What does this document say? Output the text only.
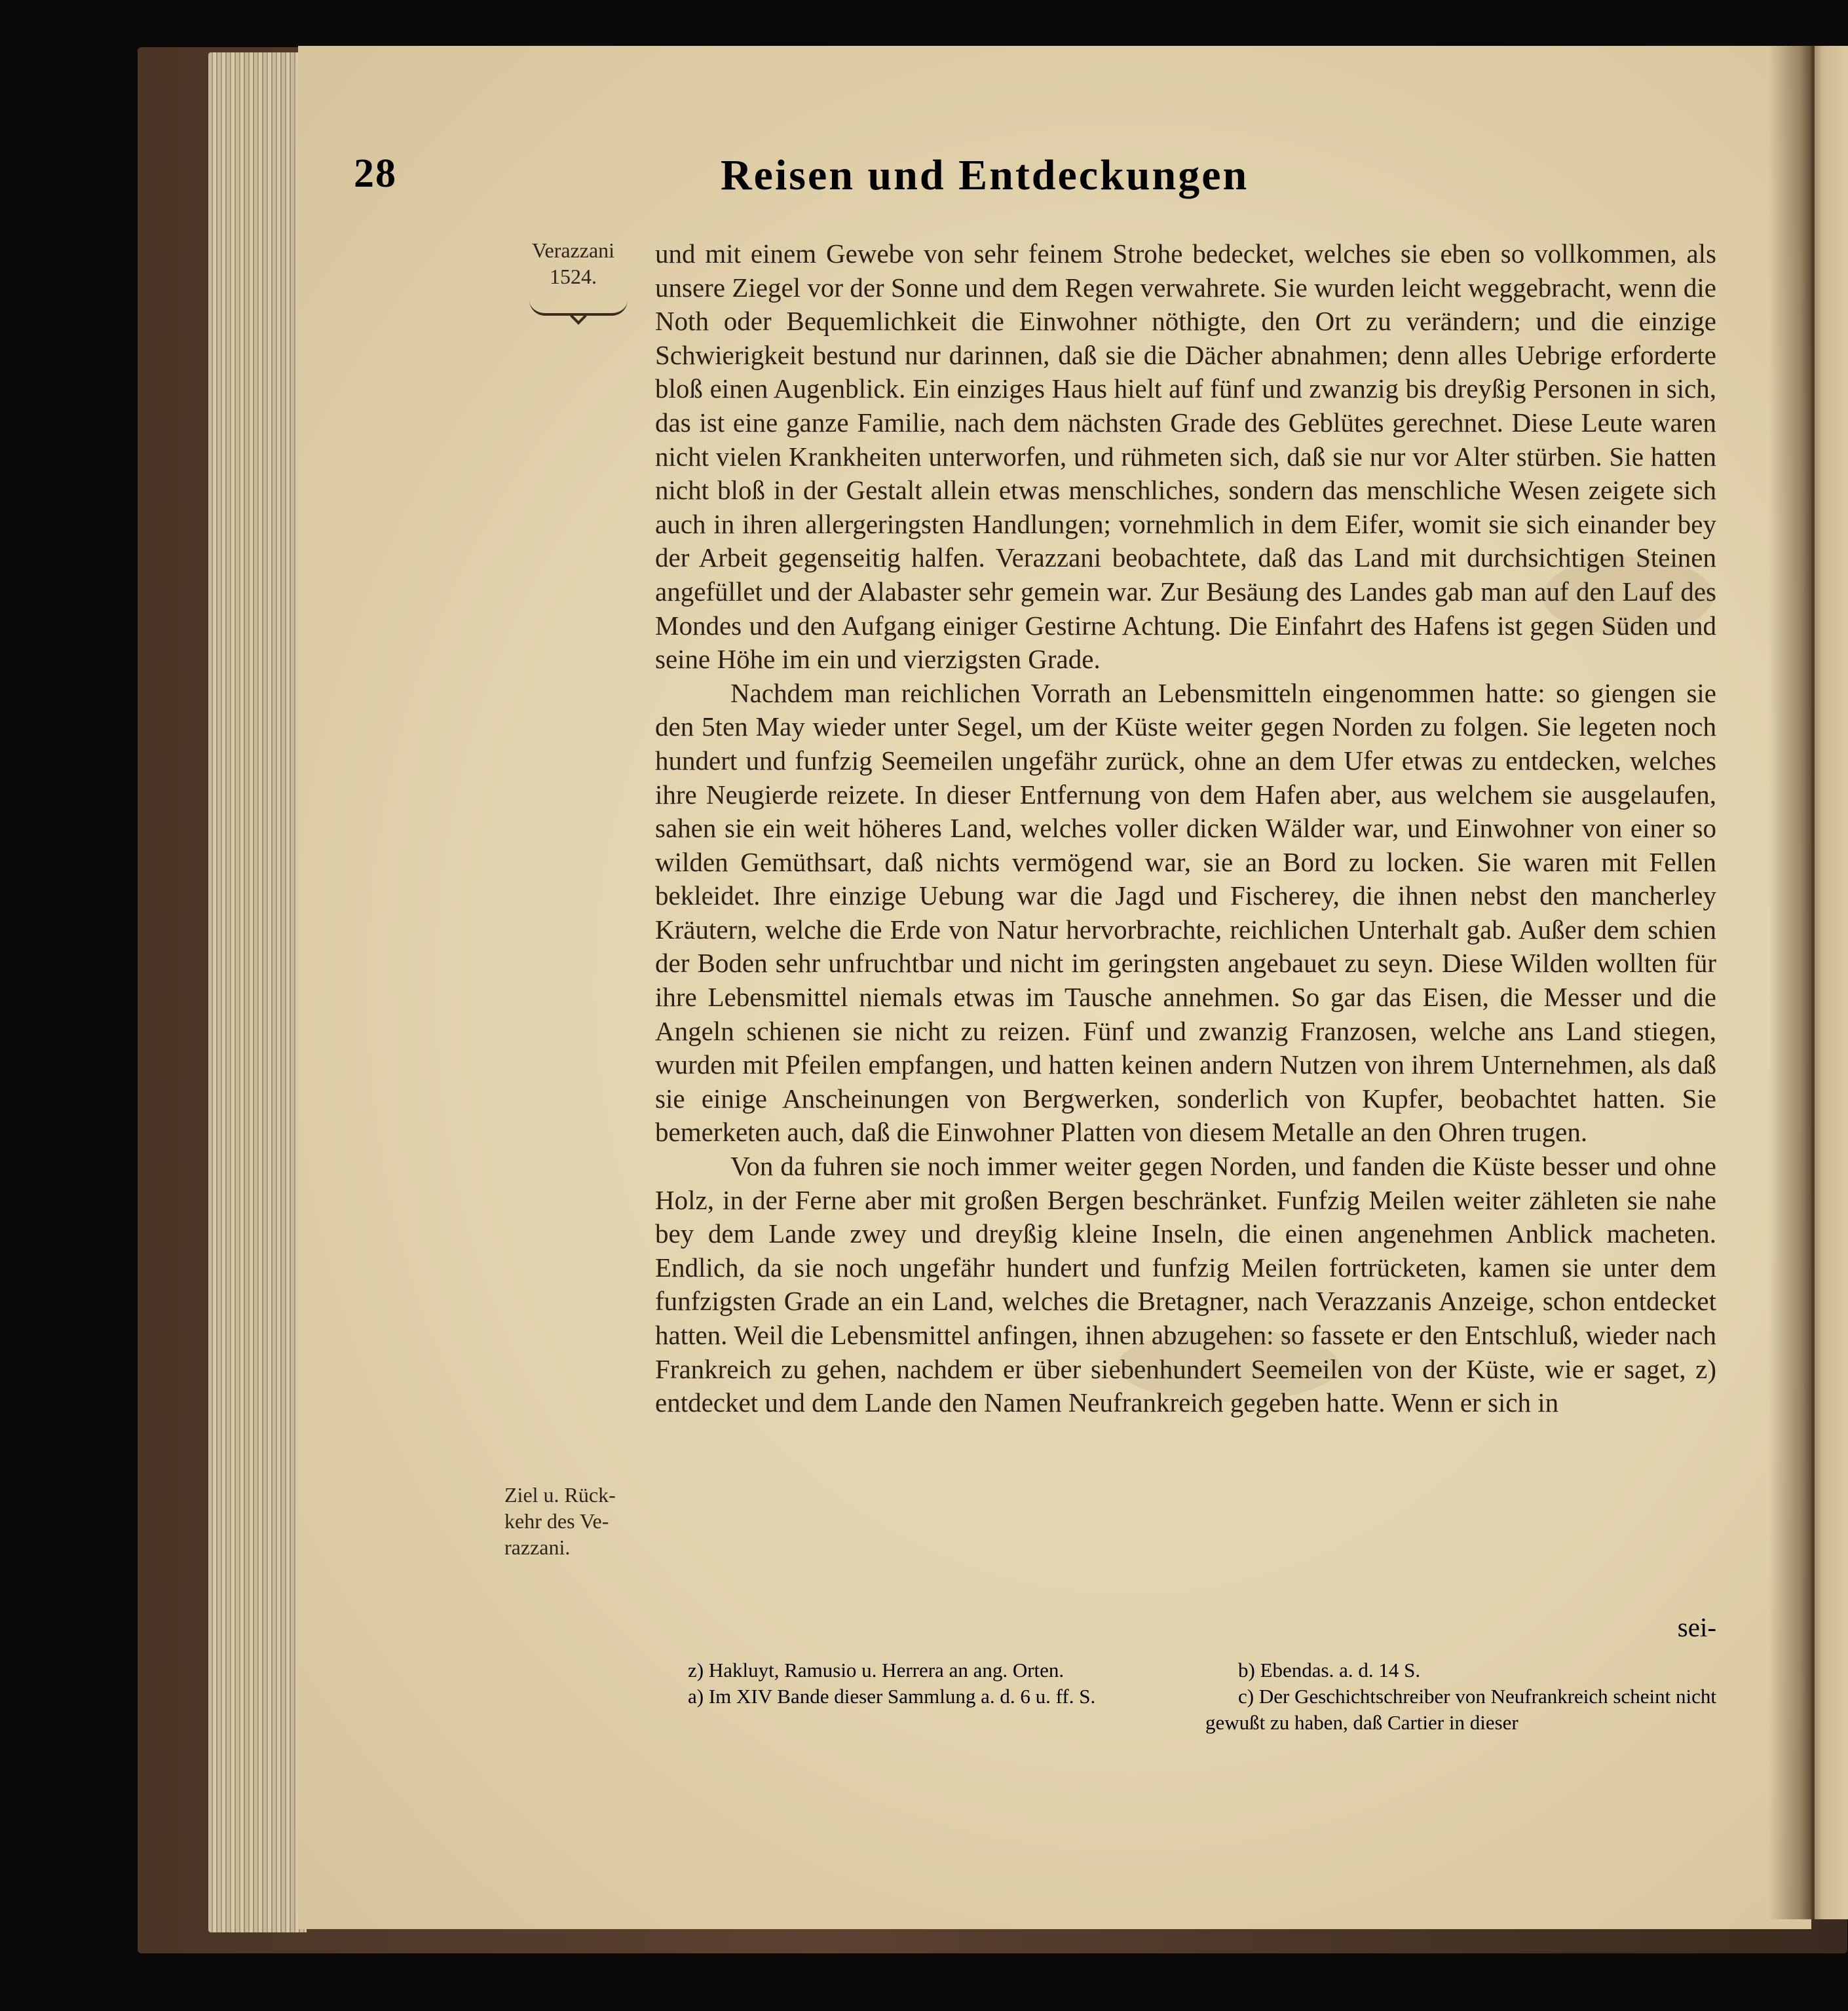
28	Reisen und Entdeckungen
Verazzani
1524.
Ziel u. Rück-
kehr des Ve-
razzani.

und mit einem Gewebe von sehr feinem Strohe bedecket, welches sie eben so vollkommen, als unsere Ziegel vor der Sonne und dem Regen verwahrete. Sie wurden leicht weggebracht, wenn die Noth oder Bequemlichkeit die Einwohner nöthigte, den Ort zu verändern; und die einzige Schwierigkeit bestund nur darinnen, daß sie die Dächer abnahmen; denn alles Uebrige erforderte bloß einen Augenblick. Ein einziges Haus hielt auf fünf und zwanzig bis dreyßig Personen in sich, das ist eine ganze Familie, nach dem nächsten Grade des Geblütes gerechnet. Diese Leute waren nicht vielen Krankheiten unterworfen, und rühmeten sich, daß sie nur vor Alter stürben. Sie hatten nicht bloß in der Gestalt allein etwas menschliches, sondern das menschliche Wesen zeigete sich auch in ihren allergeringsten Handlungen; vornehmlich in dem Eifer, womit sie sich einander bey der Arbeit gegenseitig halfen. Verazzani beobachtete, daß das Land mit durchsichtigen Steinen angefüllet und der Alabaster sehr gemein war. Zur Besäung des Landes gab man auf den Lauf des Mondes und den Aufgang einiger Gestirne Achtung. Die Einfahrt des Hafens ist gegen Süden und seine Höhe im ein und vierzigsten Grade.

Nachdem man reichlichen Vorrath an Lebensmitteln eingenommen hatte: so giengen sie den 5ten May wieder unter Segel, um der Küste weiter gegen Norden zu folgen. Sie legeten noch hundert und funfzig Seemeilen ungefähr zurück, ohne an dem Ufer etwas zu entdecken, welches ihre Neugierde reizete. In dieser Entfernung von dem Hafen aber, aus welchem sie ausgelaufen, sahen sie ein weit höheres Land, welches voller dicken Wälder war, und Einwohner von einer so wilden Gemüthsart, daß nichts vermögend war, sie an Bord zu locken. Sie waren mit Fellen bekleidet. Ihre einzige Uebung war die Jagd und Fischerey, die ihnen nebst den mancherley Kräutern, welche die Erde von Natur hervorbrachte, reichlichen Unterhalt gab. Außer dem schien der Boden sehr unfruchtbar und nicht im geringsten angebauet zu seyn. Diese Wilden wollten für ihre Lebensmittel niemals etwas im Tausche annehmen. So gar das Eisen, die Messer und die Angeln schienen sie nicht zu reizen. Fünf und zwanzig Franzosen, welche ans Land stiegen, wurden mit Pfeilen empfangen, und hatten keinen andern Nutzen von ihrem Unternehmen, als daß sie einige Anscheinungen von Bergwerken, sonderlich von Kupfer, beobachtet hatten. Sie bemerketen auch, daß die Einwohner Platten von diesem Metalle an den Ohren trugen.

Von da fuhren sie noch immer weiter gegen Norden, und fanden die Küste besser und ohne Holz, in der Ferne aber mit großen Bergen beschränket. Funfzig Meilen weiter zähleten sie nahe bey dem Lande zwey und dreyßig kleine Inseln, die einen angenehmen Anblick macheten. Endlich, da sie noch ungefähr hundert und funfzig Meilen fortrücketen, kamen sie unter dem funfzigsten Grade an ein Land, welches die Bretagner, nach Verazzanis Anzeige, schon entdecket hatten. Weil die Lebensmittel anfingen, ihnen abzugehen: so fassete er den Entschluß, wieder nach Frankreich zu gehen, nachdem er über siebenhundert Seemeilen von der Küste, wie er saget, z) entdecket und dem Lande den Namen Neufrankreich gegeben hatte. Wenn er sich in

sei-

z) Hakluyt, Ramusio u. Herrera an ang. Orten.

a) Im XIV Bande dieser Sammlung a. d. 6 u. ff. S.

b) Ebendas. a. d. 14 S.

c) Der Geschichtschreiber von Neufrankreich scheint nicht gewußt zu haben, daß Cartier in dieser
